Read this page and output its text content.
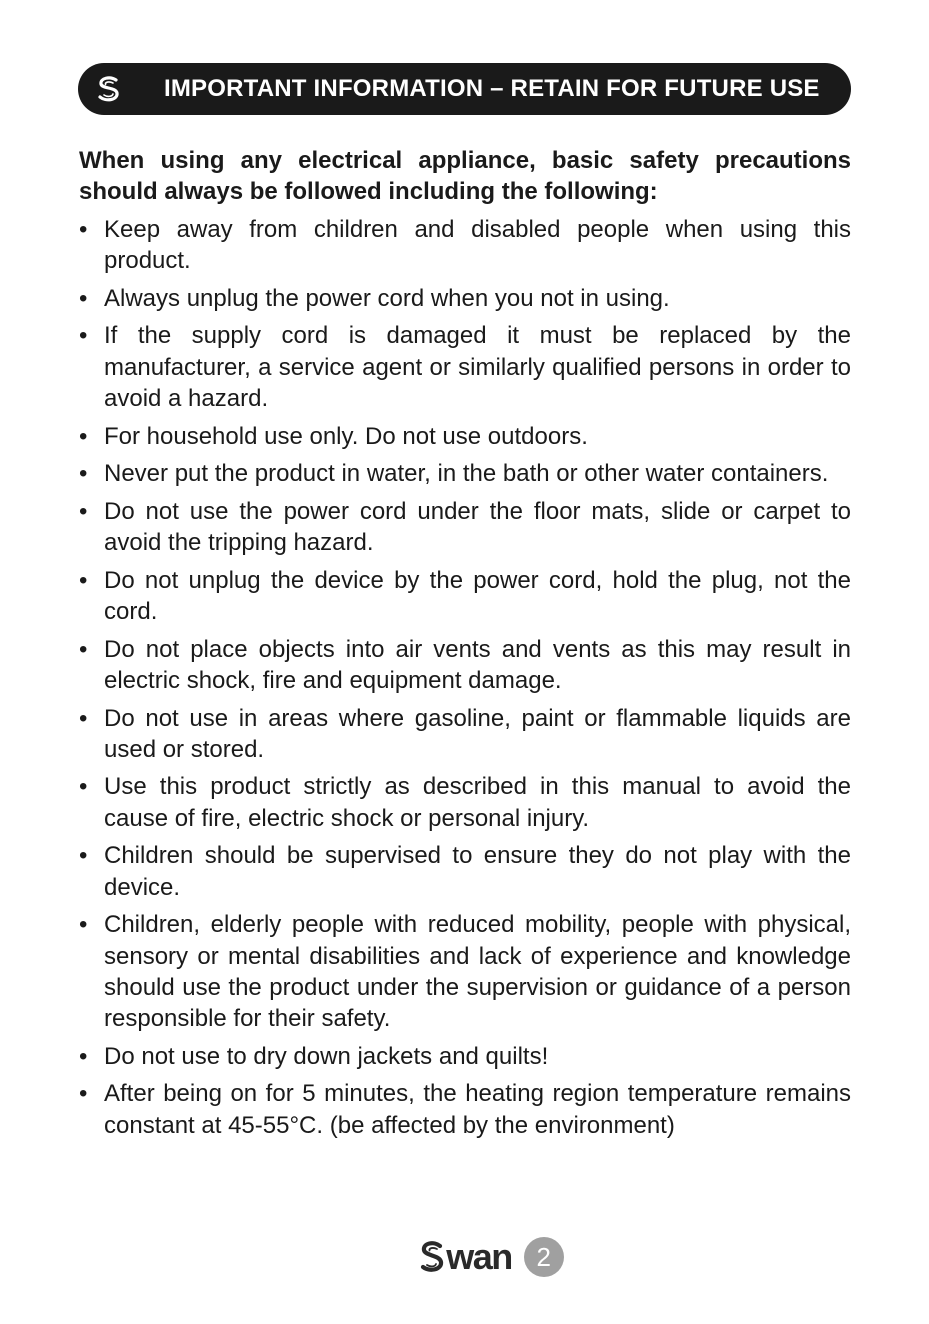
IMPORTANT INFORMATION – RETAIN FOR FUTURE USE
When using any electrical appliance, basic safety precautions should always be followed including the following:
• Keep away from children and disabled people when using this product.
• Always unplug the power cord when you not in using.
• If the supply cord is damaged it must be replaced by the manufacturer, a service agent or similarly qualified persons in order to avoid a hazard.
• For household use only. Do not use outdoors.
• Never put the product in water, in the bath or other water containers.
• Do not use the power cord under the floor mats, slide or carpet to avoid the tripping hazard.
• Do not unplug the device by the power cord, hold the plug, not the cord.
• Do not place objects into air vents and vents as this may result in electric shock, fire and equipment damage.
• Do not use in areas where gasoline, paint or flammable liquids are used or stored.
• Use this product strictly as described in this manual to avoid the cause of fire, electric shock or personal injury.
• Children should be supervised to ensure they do not play with the device.
• Children, elderly people with reduced mobility, people with physical, sensory or mental disabilities and lack of experience and knowledge should use the product under the supervision or guidance of a person responsible for their safety.
• Do not use to dry down jackets and quilts!
• After being on for 5 minutes, the heating region temperature remains constant at 45-55°C. (be affected by the environment)
wan 2
